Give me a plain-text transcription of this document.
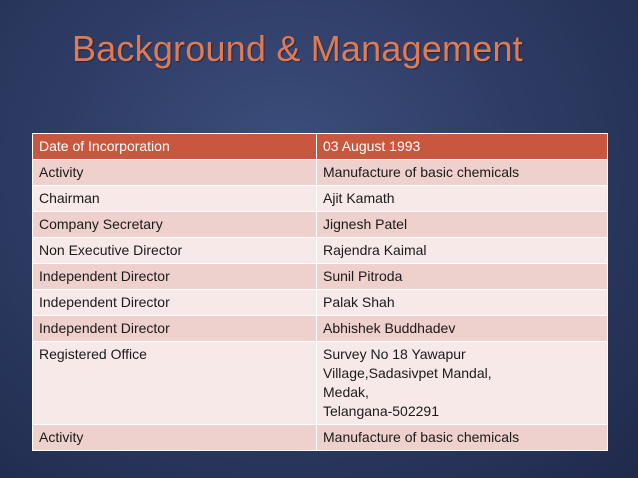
Background & Management
Date of Incorporation	03 August 1993
Activity	Manufacture of basic chemicals
Chairman	Ajit Kamath
Company Secretary	Jignesh Patel
Non Executive Director	Rajendra Kaimal
Independent Director	Sunil Pitroda
Independent Director	Palak Shah
Independent Director	Abhishek Buddhadev
Registered Office	Survey No 18 Yawapur
Village,Sadasivpet Mandal,
Medak,
Telangana-502291

Activity	Manufacture of basic chemicals
